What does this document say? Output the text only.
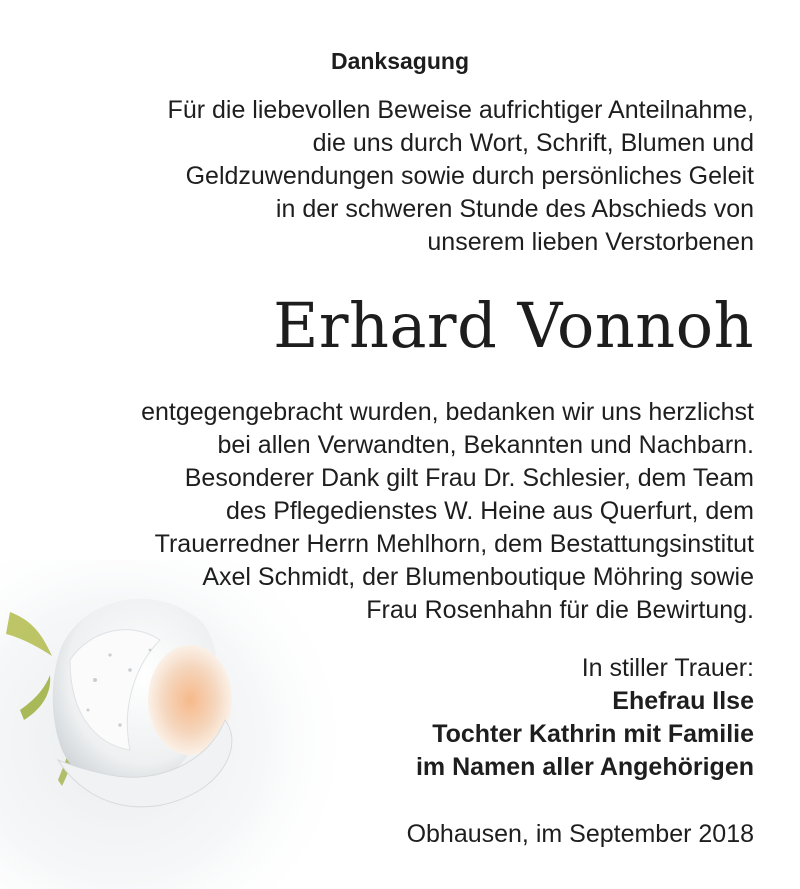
Danksagung
Für die liebevollen Beweise aufrichtiger Anteilnahme,
die uns durch Wort, Schrift, Blumen und
Geldzuwendungen sowie durch persönliches Geleit
in der schweren Stunde des Abschieds von
unserem lieben Verstorbenen
Erhard Vonnoh
entgegengebracht wurden, bedanken wir uns herzlichst
bei allen Verwandten, Bekannten und Nachbarn.
Besonderer Dank gilt Frau Dr. Schlesier, dem Team
des Pflegedienstes W. Heine aus Querfurt, dem
Trauerredner Herrn Mehlhorn, dem Bestattungsinstitut
Axel Schmidt, der Blumenboutique Möhring sowie
Frau Rosenhahn für die Bewirtung.
In stiller Trauer:
Ehefrau Ilse
Tochter Kathrin mit Familie
im Namen aller Angehörigen
Obhausen, im September 2018
